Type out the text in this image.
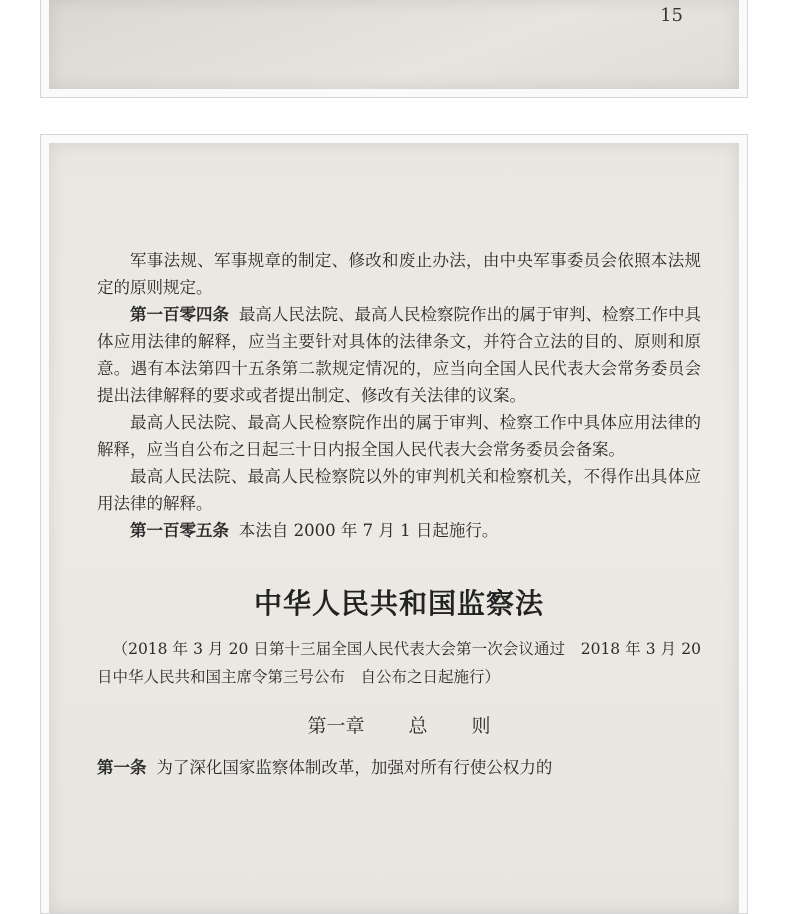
15

军事法规、军事规章的制定、修改和废止办法，由中央军事委员会依照本法规定的原则规定。

第一百零四条 最高人民法院、最高人民检察院作出的属于审判、检察工作中具体应用法律的解释，应当主要针对具体的法律条文，并符合立法的目的、原则和原意。遇有本法第四十五条第二款规定情况的，应当向全国人民代表大会常务委员会提出法律解释的要求或者提出制定、修改有关法律的议案。

最高人民法院、最高人民检察院作出的属于审判、检察工作中具体应用法律的解释，应当自公布之日起三十日内报全国人民代表大会常务委员会备案。

最高人民法院、最高人民检察院以外的审判机关和检察机关，不得作出具体应用法律的解释。

第一百零五条 本法自 2000 年 7 月 1 日起施行。

中华人民共和国监察法

（2018 年 3 月 20 日第十三届全国人民代表大会第一次会议通过　2018 年 3 月 20 日中华人民共和国主席令第三号公布　自公布之日起施行）

第一章 总 则

第一条 为了深化国家监察体制改革，加强对所有行使公权力的
